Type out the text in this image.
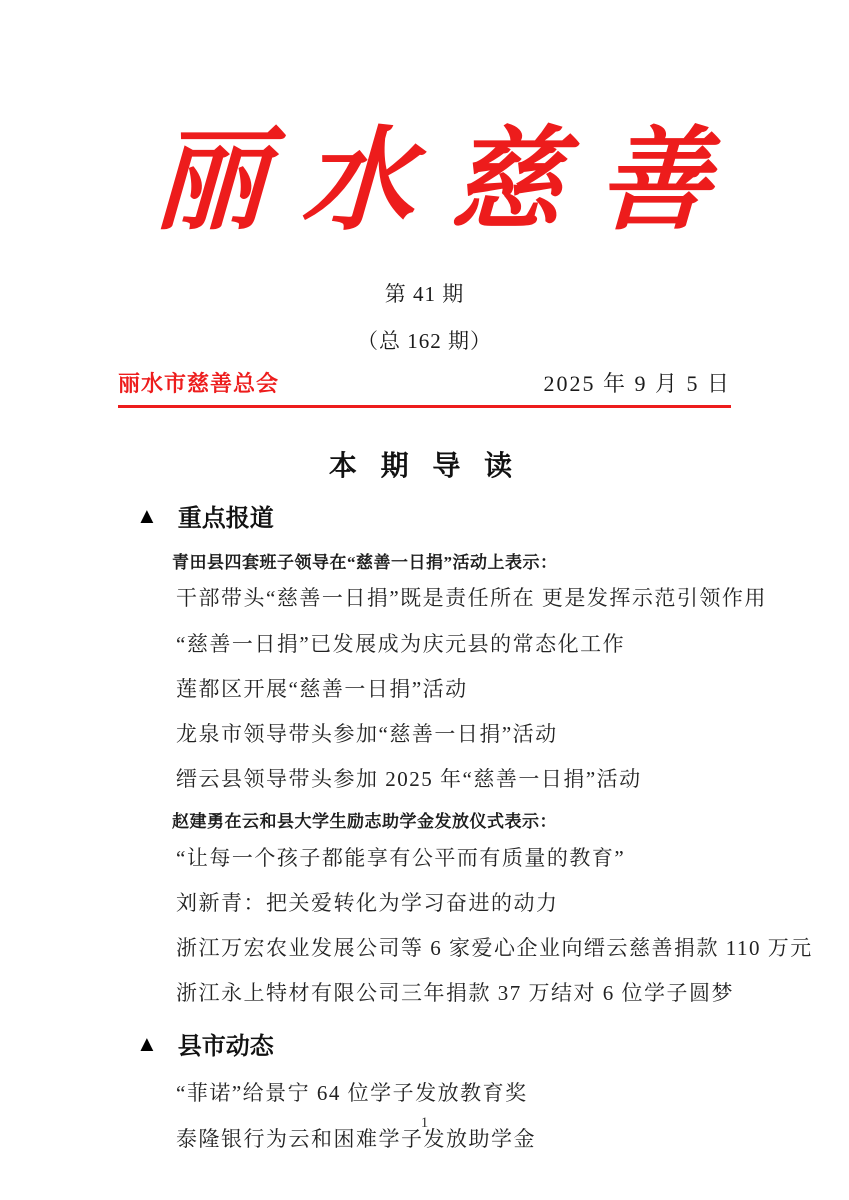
丽水慈善
第 41 期
（总 162 期）
丽水市慈善总会	2025 年 9 月 5 日
本 期 导 读
▲ 重点报道
青田县四套班子领导在“慈善一日捐”活动上表示：
干部带头“慈善一日捐”既是责任所在 更是发挥示范引领作用
“慈善一日捐”已发展成为庆元县的常态化工作
莲都区开展“慈善一日捐”活动
龙泉市领导带头参加“慈善一日捐”活动
缙云县领导带头参加 2025 年“慈善一日捐”活动
赵建勇在云和县大学生励志助学金发放仪式表示：
“让每一个孩子都能享有公平而有质量的教育”
刘新青：把关爱转化为学习奋进的动力
浙江万宏农业发展公司等 6 家爱心企业向缙云慈善捐款 110 万元
浙江永上特材有限公司三年捐款 37 万结对 6 位学子圆梦
▲ 县市动态
“菲诺”给景宁 64 位学子发放教育奖
泰隆银行为云和困难学子发放助学金
1
